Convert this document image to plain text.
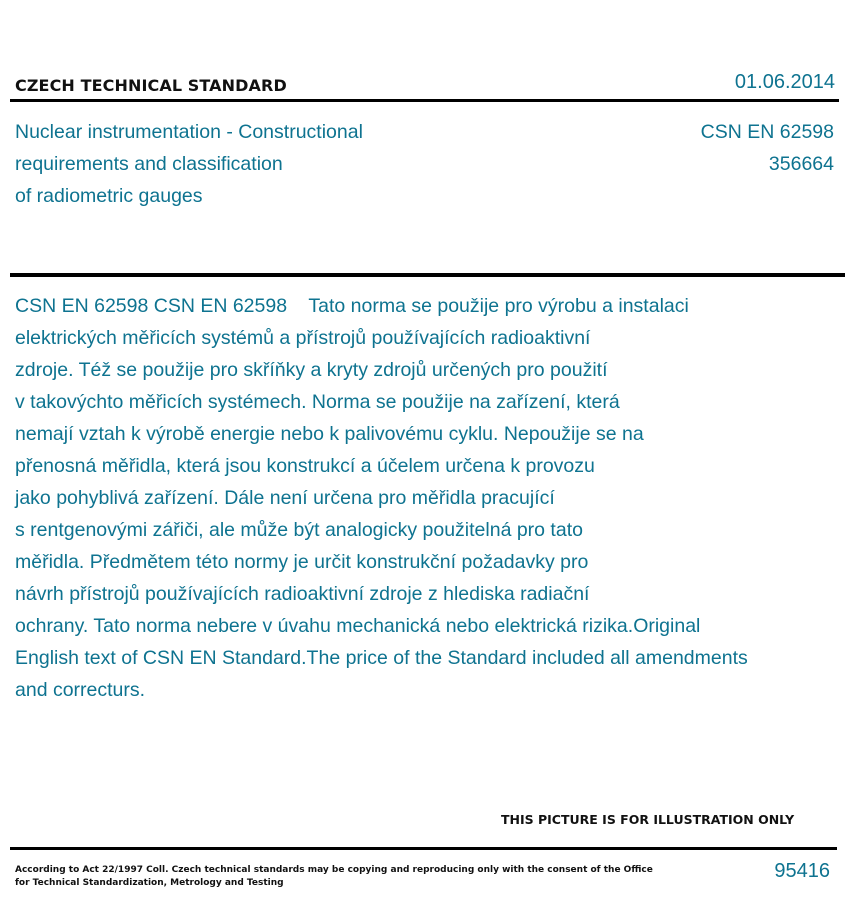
CZECH TECHNICAL STANDARD	01.06.2014
Nuclear instrumentation - Constructional
requirements and classification
of radiometric gauges
CSN EN 62598
356664
CSN EN 62598 CSN EN 62598    Tato norma se použije pro výrobu a instalaci
elektrických měřicích systémů a přístrojů používajících radioaktivní
zdroje. Též se použije pro skříňky a kryty zdrojů určených pro použití
v takovýchto měřicích systémech. Norma se použije na zařízení, která
nemají vztah k výrobě energie nebo k palivovému cyklu. Nepoužije se na
přenosná měřidla, která jsou konstrukcí a účelem určena k provozu
jako pohyblivá zařízení. Dále není určena pro měřidla pracující
s rentgenovými zářiči, ale může být analogicky použitelná pro tato
měřidla. Předmětem této normy je určit konstrukční požadavky pro
návrh přístrojů používajících radioaktivní zdroje z hlediska radiační
ochrany. Tato norma nebere v úvahu mechanická nebo elektrická rizika.Original
English text of CSN EN Standard.The price of the Standard included all amendments
and correcturs.
THIS PICTURE IS FOR ILLUSTRATION ONLY
According to Act 22/1997 Coll. Czech technical standards may be copying and reproducing only with the consent of the Office
for Technical Standardization, Metrology and Testing
95416
